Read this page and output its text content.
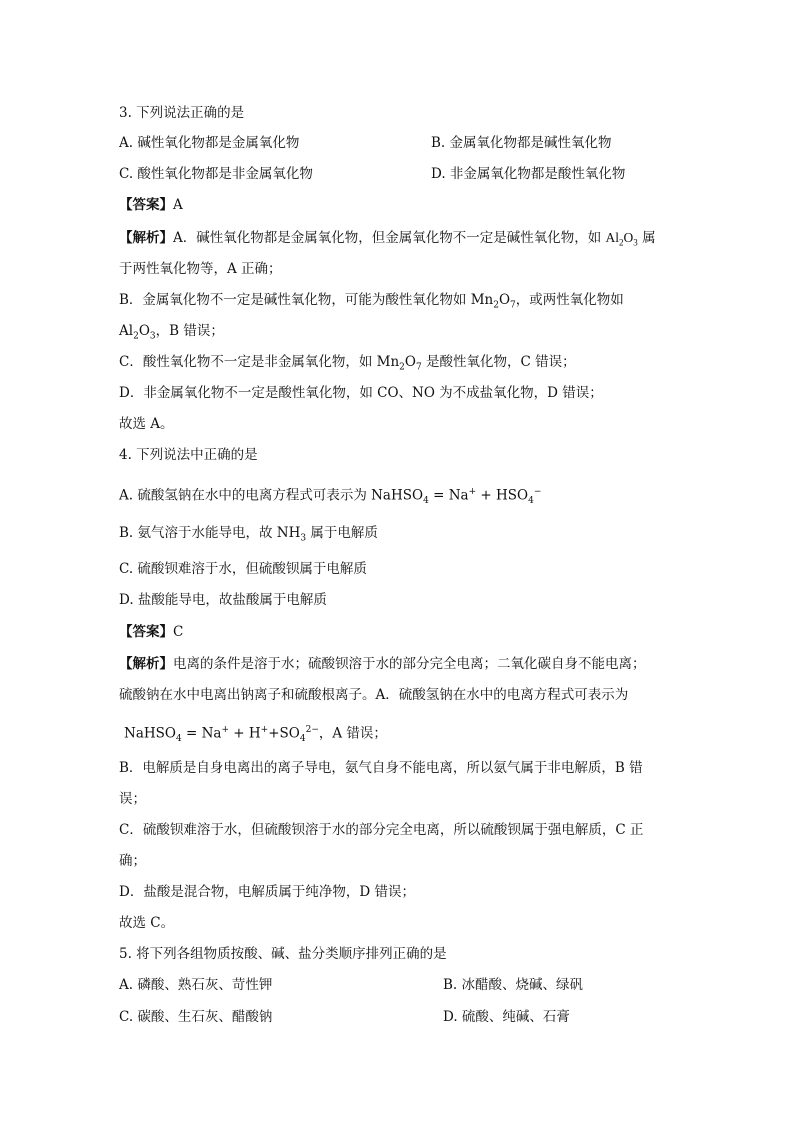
3. 下列说法正确的是
A. 碱性氧化物都是金属氧化物	B. 金属氧化物都是碱性氧化物
C. 酸性氧化物都是非金属氧化物	D. 非金属氧化物都是酸性氧化物
【答案】A
【解析】A．碱性氧化物都是金属氧化物，但金属氧化物不一定是碱性氧化物，如 $Al_2O_3$ 属
于两性氧化物等，A 正确；
B．金属氧化物不一定是碱性氧化物，可能为酸性氧化物如 $Mn_2O_7$，或两性氧化物如
$Al_2O_3$，B 错误；
C．酸性氧化物不一定是非金属氧化物，如 $Mn_2O_7$ 是酸性氧化物，C 错误；
D．非金属氧化物不一定是酸性氧化物，如 CO、NO 为不成盐氧化物，D 错误；
故选 A。
4. 下列说法中正确的是
A. 硫酸氢钠在水中的电离方程式可表示为 NaHSO$_4$ = $Na^+ + HSO_4^-$
B. 氨气溶于水能导电，故 $NH_3$ 属于电解质
C. 硫酸钡难溶于水，但硫酸钡属于电解质
D. 盐酸能导电，故盐酸属于电解质
【答案】C
【解析】电离的条件是溶于水；硫酸钡溶于水的部分完全电离；二氧化碳自身不能电离；
硫酸钠在水中电离出钠离子和硫酸根离子。A．硫酸氢钠在水中的电离方程式可表示为
NaHSO$_4$ = $Na^+ + H^++SO_4^{2-}$，A 错误；
B．电解质是自身电离出的离子导电，氨气自身不能电离，所以氨气属于非电解质，B 错
误；
C．硫酸钡难溶于水，但硫酸钡溶于水的部分完全电离，所以硫酸钡属于强电解质，C 正
确；
D．盐酸是混合物，电解质属于纯净物，D 错误；
故选 C。
5. 将下列各组物质按酸、碱、盐分类顺序排列正确的是
A. 磷酸、熟石灰、苛性钾	B. 冰醋酸、烧碱、绿矾
C. 碳酸、生石灰、醋酸钠	D. 硫酸、纯碱、石膏
